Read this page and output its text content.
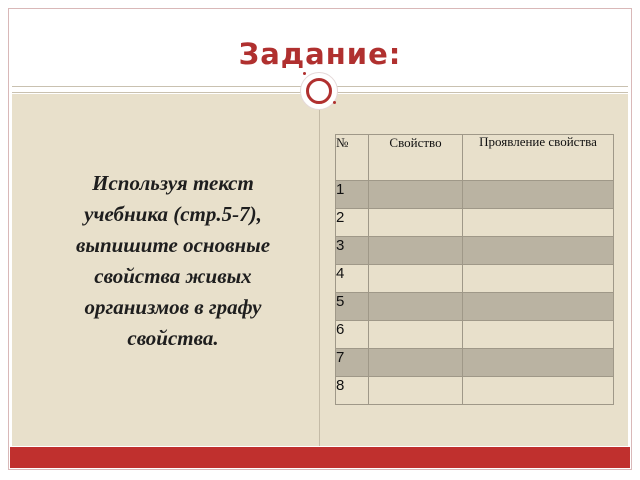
Задание:
Используя текст учебника (стр.5-7), выпишите основные свойства живых организмов в графу свойства.
№	Свойство	Проявление свойства
1		
2		
3		
4		
5		
6		
7		
8		
